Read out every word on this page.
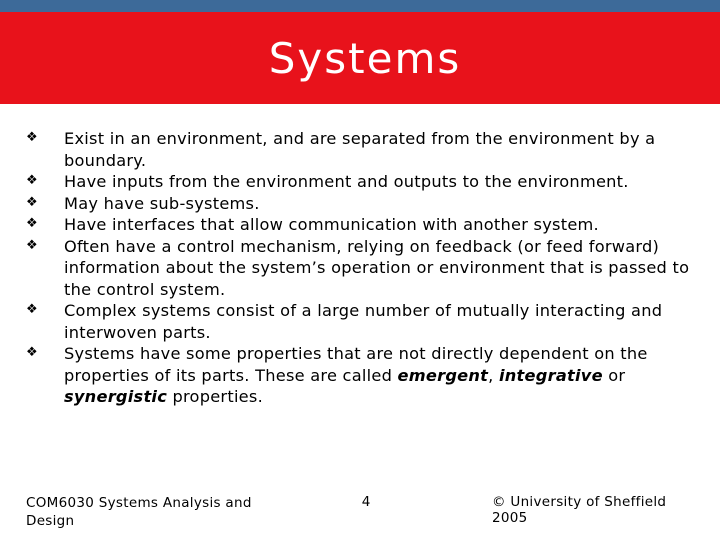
Systems
❖ Exist in an environment, and are separated from the environment by a boundary.
❖ Have inputs from the environment and outputs to the environment.
❖ May have sub-systems.
❖ Have interfaces that allow communication with another system.
❖ Often have a control mechanism, relying on feedback (or feed forward) information about the system’s operation or environment that is passed to the control system.
❖ Complex systems consist of a large number of mutually interacting and interwoven parts.
❖ Systems have some properties that are not directly dependent on the properties of its parts. These are called emergent, integrative or synergistic properties.
COM6030 Systems Analysis and Design
4	© University of Sheffield 2005
